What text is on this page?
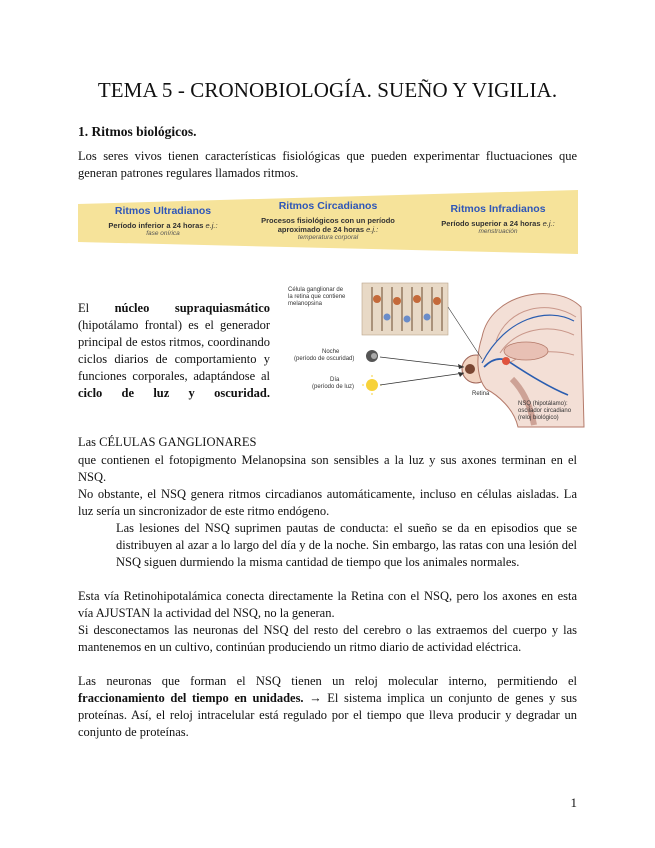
TEMA 5 - CRONOBIOLOGÍA. SUEÑO Y VIGILIA.
1. Ritmos biológicos.
Los seres vivos tienen características fisiológicas que pueden experimentar fluctuaciones que generan patrones regulares llamados ritmos.
Ritmos Ultradianos
Período inferior a 24 horas e.j.:
fase onírica
Ritmos Circadianos
Procesos fisiológicos con un período
aproximado de 24 horas e.j.:
temperatura corporal
Ritmos Infradianos
Período superior a 24 horas e.j.:
menstruación
El núcleo supraquiasmático (hipotálamo frontal) es el generador principal de estos ritmos, coordinando ciclos diarios de comportamiento y funciones corporales, adaptándose al ciclo de luz y oscuridad.
Célula ganglionar de
la retina que contiene
melanopsina
Noche
(período de oscuridad)
Día
(período de luz)
Retina
NSQ (hipotálamo):
oscilador circadiano
(reloj biológico)
Las CÉLULAS GANGLIONARES
que contienen el fotopigmento Melanopsina son sensibles a la luz y sus axones terminan en el NSQ.
No obstante, el NSQ genera ritmos circadianos automáticamente, incluso en células aisladas. La luz sería un sincronizador de este ritmo endógeno.
Las lesiones del NSQ suprimen pautas de conducta: el sueño se da en episodios que se distribuyen al azar a lo largo del día y de la noche. Sin embargo, las ratas con una lesión del NSQ siguen durmiendo la misma cantidad de tiempo que los animales normales.
Esta vía Retinohipotalámica conecta directamente la Retina con el NSQ, pero los axones en esta vía AJUSTAN la actividad del NSQ, no la generan.
Si desconectamos las neuronas del NSQ del resto del cerebro o las extraemos del cuerpo y las mantenemos en un cultivo, continúan produciendo un ritmo diario de actividad eléctrica.
Las neuronas que forman el NSQ tienen un reloj molecular interno, permitiendo el fraccionamiento del tiempo en unidades. → El sistema implica un conjunto de genes y sus proteínas. Así, el reloj intracelular está regulado por el tiempo que lleva producir y degradar un conjunto de proteínas.
1
